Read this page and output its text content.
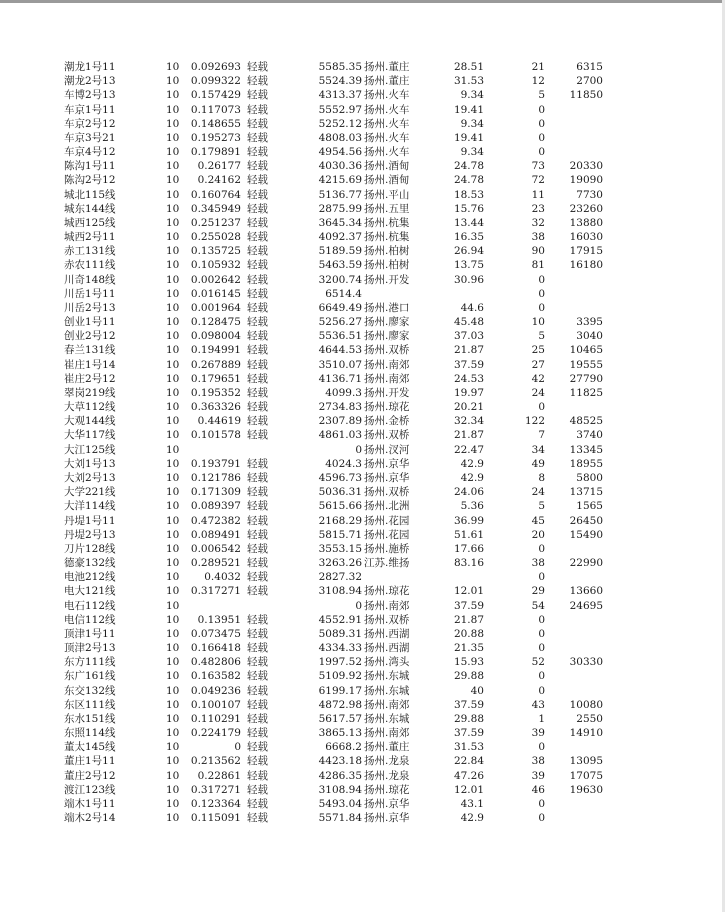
潮龙1号11	10	0.092693 轻载	5585.35 扬州.董庄	28.51	21	6315
潮龙2号13	10	0.099322 轻载	5524.39 扬州.董庄	31.53	12	2700
车博2号13	10	0.157429 轻载	4313.37 扬州.火车	9.34	5	11850
车京1号11	10	0.117073 轻载	5552.97 扬州.火车	19.41	0
车京2号12	10	0.148655 轻载	5252.12 扬州.火车	9.34	0
车京3号21	10	0.195273 轻载	4808.03 扬州.火车	19.41	0
车京4号12	10	0.179891 轻载	4954.56 扬州.火车	9.34	0
陈沟1号11	10	0.26177 轻载	4030.36 扬州.酒甸	24.78	73	20330
陈沟2号12	10	0.24162 轻载	4215.69 扬州.酒甸	24.78	72	19090
城北115线	10	0.160764 轻载	5136.77 扬州.平山	18.53	11	7730
城东144线	10	0.345949 轻载	2875.99 扬州.五里	15.76	23	23260
城西125线	10	0.251237 轻载	3645.34 扬州.杭集	13.44	32	13880
城西2号11	10	0.255028 轻载	4092.37 扬州.杭集	16.35	38	16030
赤工131线	10	0.135725 轻载	5189.59 扬州.柏树	26.94	90	17915
赤农111线	10	0.105932 轻载	5463.59 扬州.柏树	13.75	81	16180
川奇148线	10	0.002642 轻载	3200.74 扬州.开发	30.96	0
川岳1号11	10	0.016145 轻载	6514.4	0
川岳2号13	10	0.001964 轻载	6649.49 扬州.港口	44.6	0
创业1号11	10	0.128475 轻载	5256.27 扬州.廖家	45.48	10	3395
创业2号12	10	0.098004 轻载	5536.51 扬州.廖家	37.03	5	3040
春兰131线	10	0.194991 轻载	4644.53 扬州.双桥	21.87	25	10465
崔庄1号14	10	0.267889 轻载	3510.07 扬州.南郊	37.59	27	19555
崔庄2号12	10	0.179651 轻载	4136.71 扬州.南郊	24.53	42	27790
翠岗219线	10	0.195352 轻载	4099.3 扬州.开发	19.97	24	11825
大草112线	10	0.363326 轻载	2734.83 扬州.琼花	20.21	0
大观144线	10	0.44619 轻载	2307.89 扬州.金桥	32.34	122	48525
大华117线	10	0.101578 轻载	4861.03 扬州.双桥	21.87	7	3740
大江125线	10	0 扬州.汊河	22.47	34	13345
大刘1号13	10	0.193791 轻载	4024.3 扬州.京华	42.9	49	18955
大刘2号13	10	0.121786 轻载	4596.73 扬州.京华	42.9	8	5800
大学221线	10	0.171309 轻载	5036.31 扬州.双桥	24.06	24	13715
大洋114线	10	0.089397 轻载	5615.66 扬州.北洲	5.36	5	1565
丹堤1号11	10	0.472382 轻载	2168.29 扬州.花园	36.99	45	26450
丹堤2号13	10	0.089491 轻载	5815.71 扬州.花园	51.61	20	15490
刀片128线	10	0.006542 轻载	3553.15 扬州.施桥	17.66	0
德豪132线	10	0.289521 轻载	3263.26 江苏.维扬	83.16	38	22990
电池212线	10	0.4032 轻载	2827.32	0
电大121线	10	0.317271 轻载	3108.94 扬州.琼花	12.01	29	13660
电石112线	10	0 扬州.南郊	37.59	54	24695
电信112线	10	0.13951 轻载	4552.91 扬州.双桥	21.87	0
顶津1号11	10	0.073475 轻载	5089.31 扬州.西湖	20.88	0
顶津2号13	10	0.166418 轻载	4334.33 扬州.西湖	21.35	0
东方111线	10	0.482806 轻载	1997.52 扬州.湾头	15.93	52	30330
东广161线	10	0.163582 轻载	5109.92 扬州.东城	29.88	0
东交132线	10	0.049236 轻载	6199.17 扬州.东城	40	0
东区111线	10	0.100107 轻载	4872.98 扬州.南郊	37.59	43	10080
东水151线	10	0.110291 轻载	5617.57 扬州.东城	29.88	1	2550
东照114线	10	0.224179 轻载	3865.13 扬州.南郊	37.59	39	14910
董太145线	10	0 轻载	6668.2 扬州.董庄	31.53	0
董庄1号11	10	0.213562 轻载	4423.18 扬州.龙泉	22.84	38	13095
董庄2号12	10	0.22861 轻载	4286.35 扬州.龙泉	47.26	39	17075
渡江123线	10	0.317271 轻载	3108.94 扬州.琼花	12.01	46	19630
端木1号11	10	0.123364 轻载	5493.04 扬州.京华	43.1	0
端木2号14	10	0.115091 轻载	5571.84 扬州.京华	42.9	0
